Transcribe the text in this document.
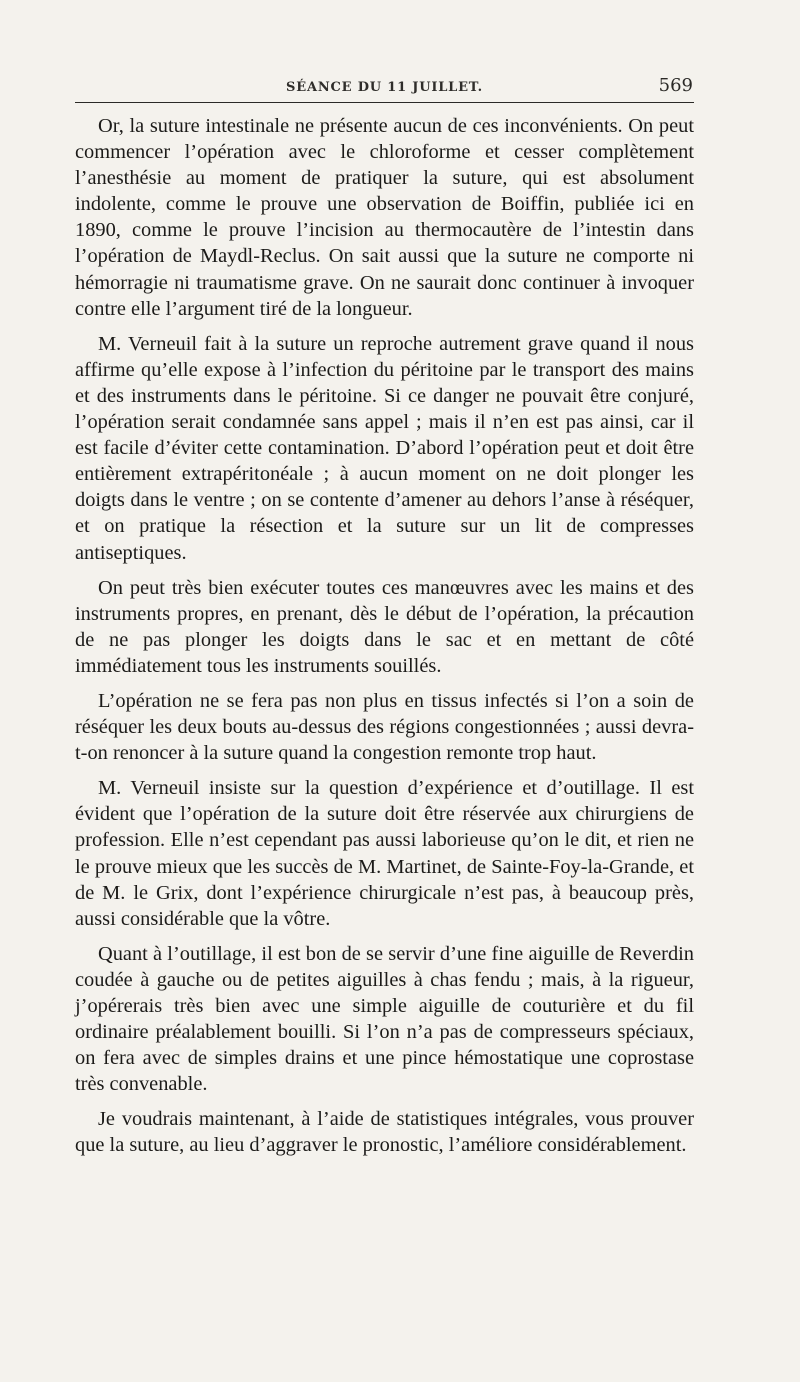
SÉANCE DU 11 JUILLET.	569

Or, la suture intestinale ne présente aucun de ces inconvénients. On peut commencer l’opération avec le chloroforme et cesser complètement l’anesthésie au moment de pratiquer la suture, qui est absolument indolente, comme le prouve une observation de Boiffin, publiée ici en 1890, comme le prouve l’incision au thermocautère de l’intestin dans l’opération de Maydl-Reclus. On sait aussi que la suture ne comporte ni hémorragie ni traumatisme grave. On ne saurait donc continuer à invoquer contre elle l’argument tiré de la longueur.

M. Verneuil fait à la suture un reproche autrement grave quand il nous affirme qu’elle expose à l’infection du péritoine par le transport des mains et des instruments dans le péritoine. Si ce danger ne pouvait être conjuré, l’opération serait condamnée sans appel ; mais il n’en est pas ainsi, car il est facile d’éviter cette contamination. D’abord l’opération peut et doit être entièrement extrapéritonéale ; à aucun moment on ne doit plonger les doigts dans le ventre ; on se contente d’amener au dehors l’anse à réséquer, et on pratique la résection et la suture sur un lit de compresses antiseptiques.

On peut très bien exécuter toutes ces manœuvres avec les mains et des instruments propres, en prenant, dès le début de l’opération, la précaution de ne pas plonger les doigts dans le sac et en mettant de côté immédiatement tous les instruments souillés.

L’opération ne se fera pas non plus en tissus infectés si l’on a soin de réséquer les deux bouts au-dessus des régions congestionnées ; aussi devra-t-on renoncer à la suture quand la congestion remonte trop haut.

M. Verneuil insiste sur la question d’expérience et d’outillage. Il est évident que l’opération de la suture doit être réservée aux chirurgiens de profession. Elle n’est cependant pas aussi laborieuse qu’on le dit, et rien ne le prouve mieux que les succès de M. Martinet, de Sainte-Foy-la-Grande, et de M. le Grix, dont l’expérience chirurgicale n’est pas, à beaucoup près, aussi considérable que la vôtre.

Quant à l’outillage, il est bon de se servir d’une fine aiguille de Reverdin coudée à gauche ou de petites aiguilles à chas fendu ; mais, à la rigueur, j’opérerais très bien avec une simple aiguille de couturière et du fil ordinaire préalablement bouilli. Si l’on n’a pas de compresseurs spéciaux, on fera avec de simples drains et une pince hémostatique une coprostase très convenable.

Je voudrais maintenant, à l’aide de statistiques intégrales, vous prouver que la suture, au lieu d’aggraver le pronostic, l’améliore considérablement.
